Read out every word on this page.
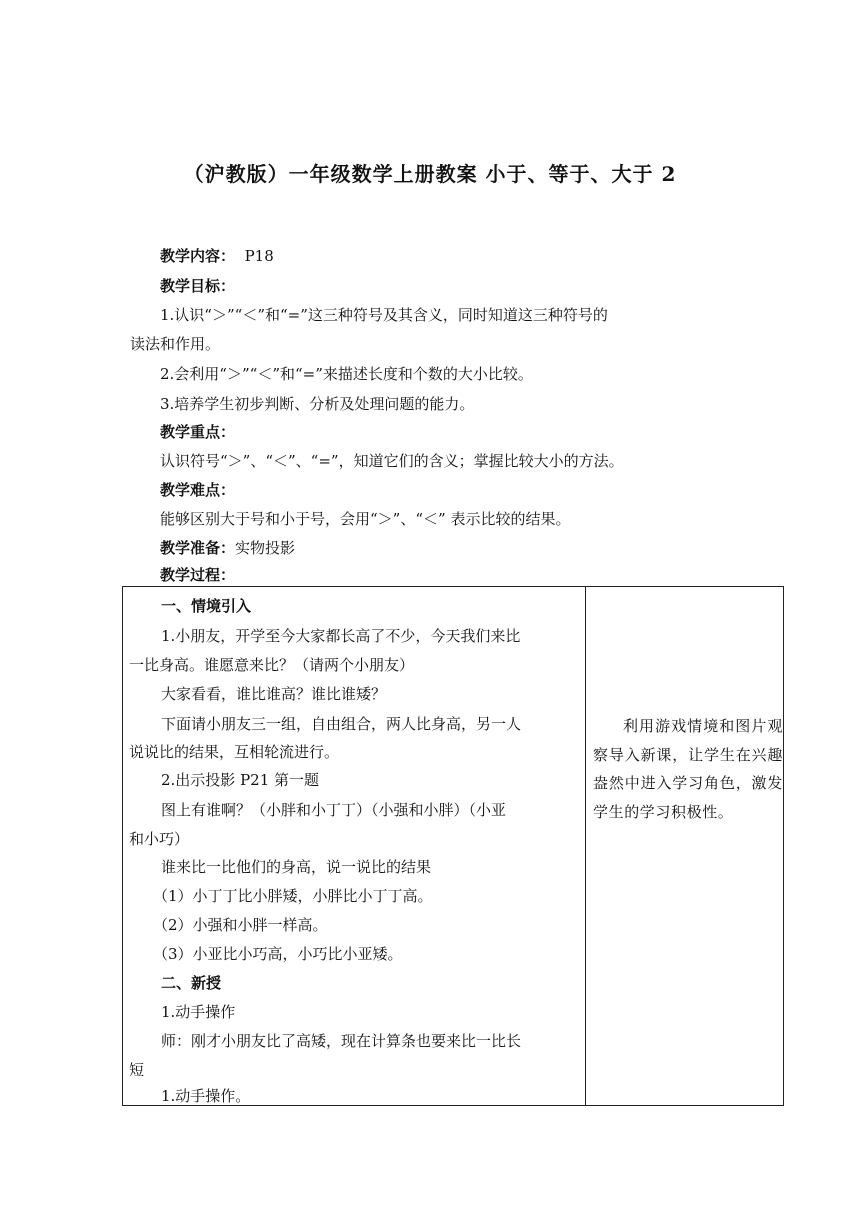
（沪教版）一年级数学上册教案 小于、等于、大于 2
教学内容： P18
教学目标：
1.认识“＞”“＜”和“=”这三种符号及其含义，同时知道这三种符号的
读法和作用。
2.会利用“＞”“＜”和“=”来描述长度和个数的大小比较。
3.培养学生初步判断、分析及处理问题的能力。
教学重点：
认识符号“＞”、“＜”、“=”，知道它们的含义；掌握比较大小的方法。
教学难点：
能够区别大于号和小于号，会用“＞”、“＜” 表示比较的结果。
教学准备：实物投影
教学过程：
一、情境引入
1.小朋友，开学至今大家都长高了不少，今天我们来比
一比身高。谁愿意来比？（请两个小朋友）
大家看看，谁比谁高？谁比谁矮？
下面请小朋友三一组，自由组合，两人比身高，另一人
说说比的结果，互相轮流进行。
2.出示投影 P21 第一题
图上有谁啊？（小胖和小丁丁）（小强和小胖）（小亚
和小巧）
谁来比一比他们的身高，说一说比的结果
（1）小丁丁比小胖矮，小胖比小丁丁高。
（2）小强和小胖一样高。
（3）小亚比小巧高，小巧比小亚矮。
二、新授
1.动手操作
师：刚才小朋友比了高矮，现在计算条也要来比一比长
短
1.动手操作。
利用游戏情境和图片观察导入新课，让学生在兴趣盎然中进入学习角色，激发学生的学习积极性。
